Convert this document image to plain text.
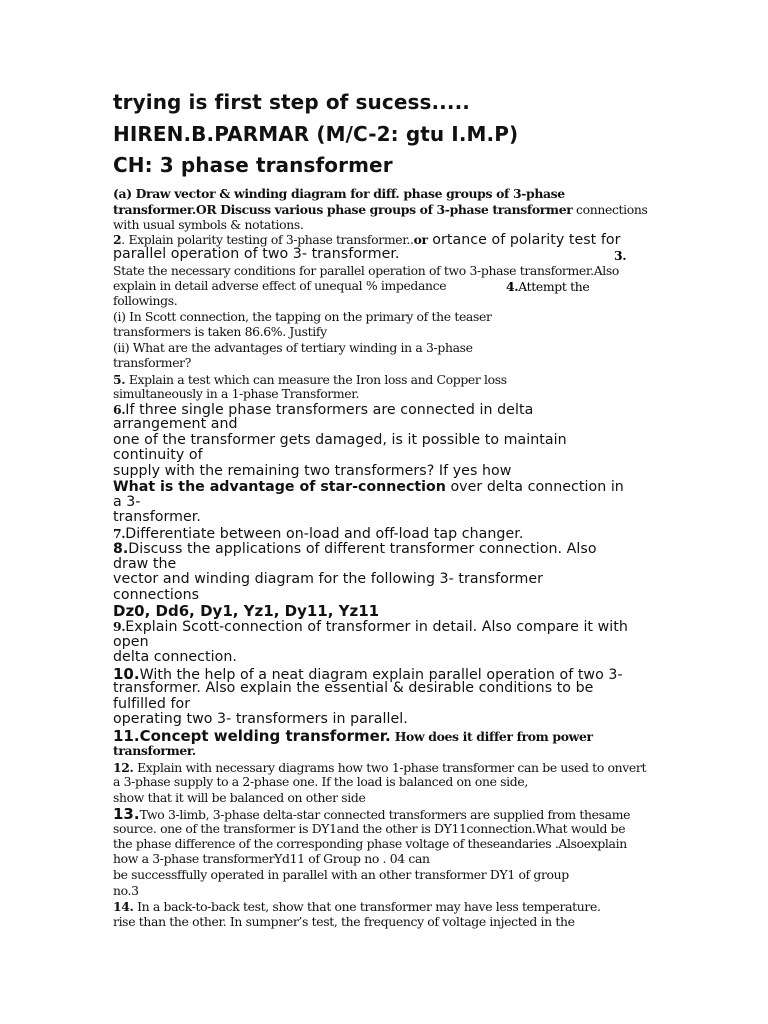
trying is first step of sucess.....
HIREN.B.PARMAR (M/C-2: gtu I.M.P)
CH: 3 phase transformer
(a) Draw vector & winding diagram for diff. phase groups of 3-phase
transformer.OR Discuss various phase groups of 3-phase transformer connections
with usual symbols & notations.
2. Explain polarity testing of 3-phase transformer..or ortance of polarity test for
parallel operation of two 3- transformer.	3.
State the necessary conditions for parallel operation of two 3-phase transformer.Also
explain in detail adverse effect of unequal % impedance	4.Attempt the
followings.
(i) In Scott connection, the tapping on the primary of the teaser
transformers is taken 86.6%. Justify
(ii) What are the advantages of tertiary winding in a 3-phase
transformer?
5. Explain a test which can measure the Iron loss and Copper loss
simultaneously in a 1-phase Transformer.
6.If three single phase transformers are connected in delta
arrangement and
one of the transformer gets damaged, is it possible to maintain
continuity of
supply with the remaining two transformers? If yes how
What is the advantage of star-connection over delta connection in
a 3-
transformer.
7.Differentiate between on-load and off-load tap changer.
8.Discuss the applications of different transformer connection. Also
draw the
vector and winding diagram for the following 3- transformer
connections
Dz0, Dd6, Dy1, Yz1, Dy11, Yz11
9.Explain Scott-connection of transformer in detail. Also compare it with
open
delta connection.
10.With the help of a neat diagram explain parallel operation of two 3-
transformer. Also explain the essential & desirable conditions to be
fulfilled for
operating two 3- transformers in parallel.
11.Concept welding transformer. How does it differ from power
transformer.
12. Explain with necessary diagrams how two 1-phase transformer can be used to onvert
a 3-phase supply to a 2-phase one. If the load is balanced on one side,
show that it will be balanced on other side
13.Two 3-limb, 3-phase delta-star connected transformers are supplied from thesame
source. one of the transformer is DY1and the other is DY11connection.What would be
the phase difference of the corresponding phase voltage of theseandaries .Alsoexplain
how a 3-phase transformerYd11 of Group no . 04 can
be successffully operated in parallel with an other transformer DY1 of group
no.3
14. In a back-to-back test, show that one transformer may have less temperature.
rise than the other. In sumpner’s test, the frequency of voltage injected in the
